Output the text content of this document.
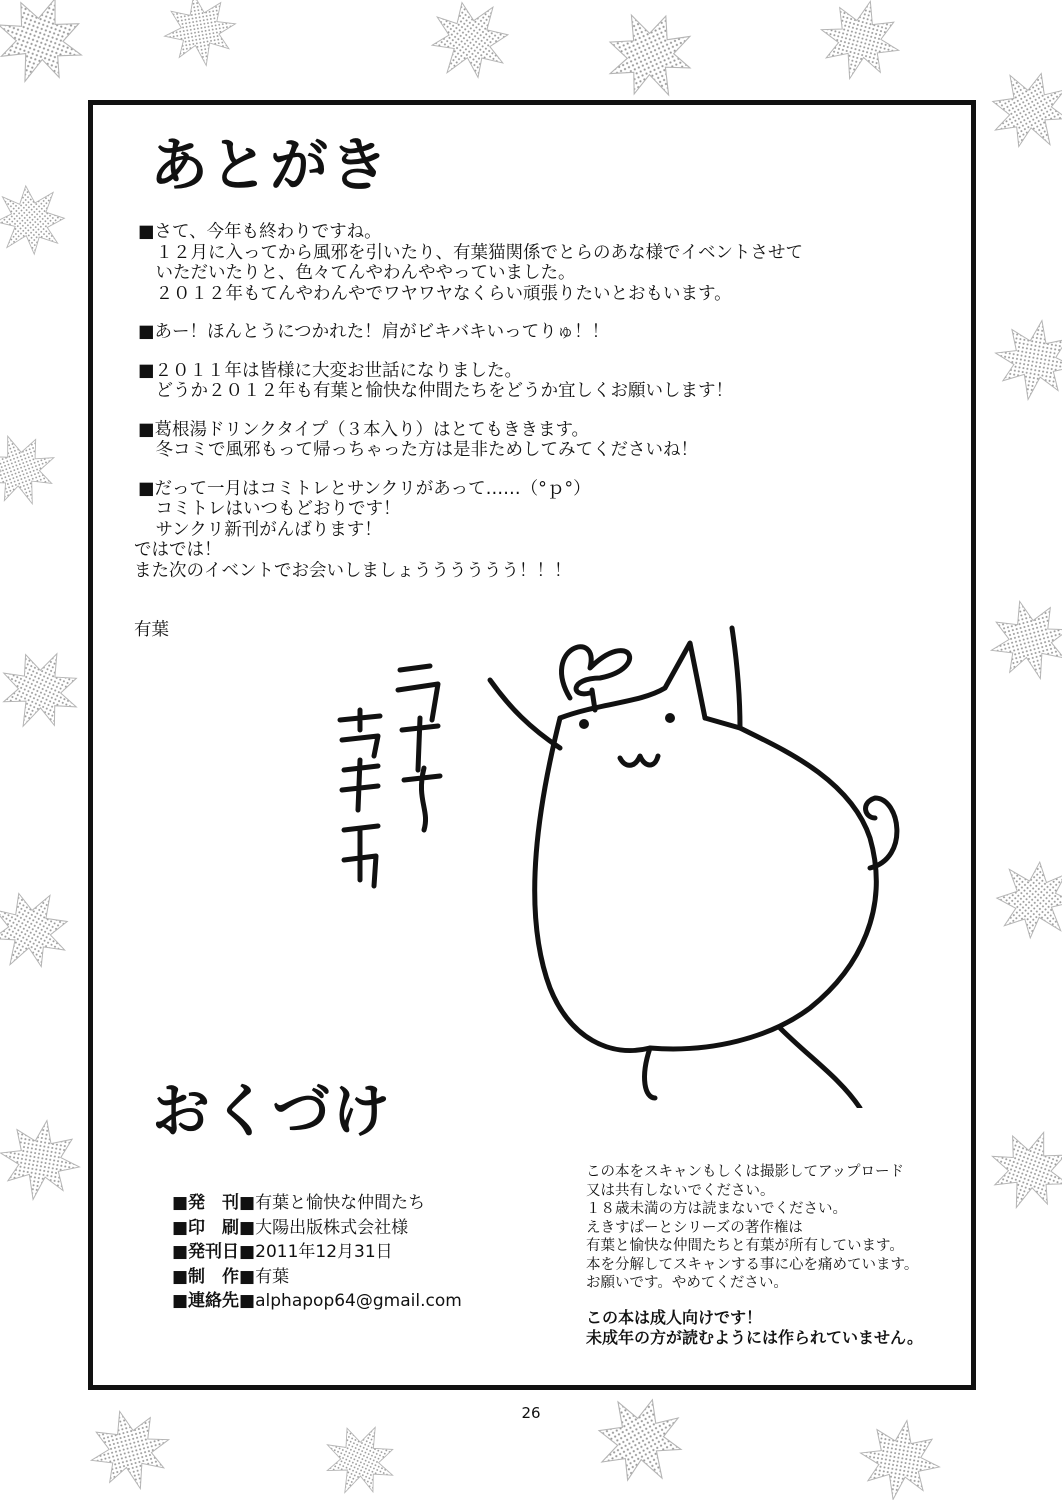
あとがき
■さて、今年も終わりですね。
　１２月に入ってから風邪を引いたり、有葉猫関係でとらのあな様でイベントさせて
　いただいたりと、色々てんやわんややっていました。
　２０１２年もてんやわんやでワヤワヤなくらい頑張りたいとおもいます。
■あー！ほんとうにつかれた！肩がビキバキいってりゅ！！
■２０１１年は皆様に大変お世話になりました。
　どうか２０１２年も有葉と愉快な仲間たちをどうか宜しくお願いします！
■葛根湯ドリンクタイプ（３本入り）はとてもききます。
　冬コミで風邪もって帰っちゃった方は是非ためしてみてくださいね！
■だって一月はコミトレとサンクリがあって……（°ｐ°）
　コミトレはいつもどおりです！
　サンクリ新刊がんばります！
ではでは！
また次のイベントでお会いしましょうううううう！！！
有葉
おくづけ
■発　刊■有葉と愉快な仲間たち
■印　刷■大陽出版株式会社様
■発刊日■2011年12月31日
■制　作■有葉
■連絡先■alphapop64@gmail.com
この本をスキャンもしくは撮影してアップロード
又は共有しないでください。
１８歳未満の方は読まないでください。
えきすぱーとシリーズの著作権は
有葉と愉快な仲間たちと有葉が所有しています。
本を分解してスキャンする事に心を痛めています。
お願いです。やめてください。
この本は成人向けです！
未成年の方が読むようには作られていません。
26
